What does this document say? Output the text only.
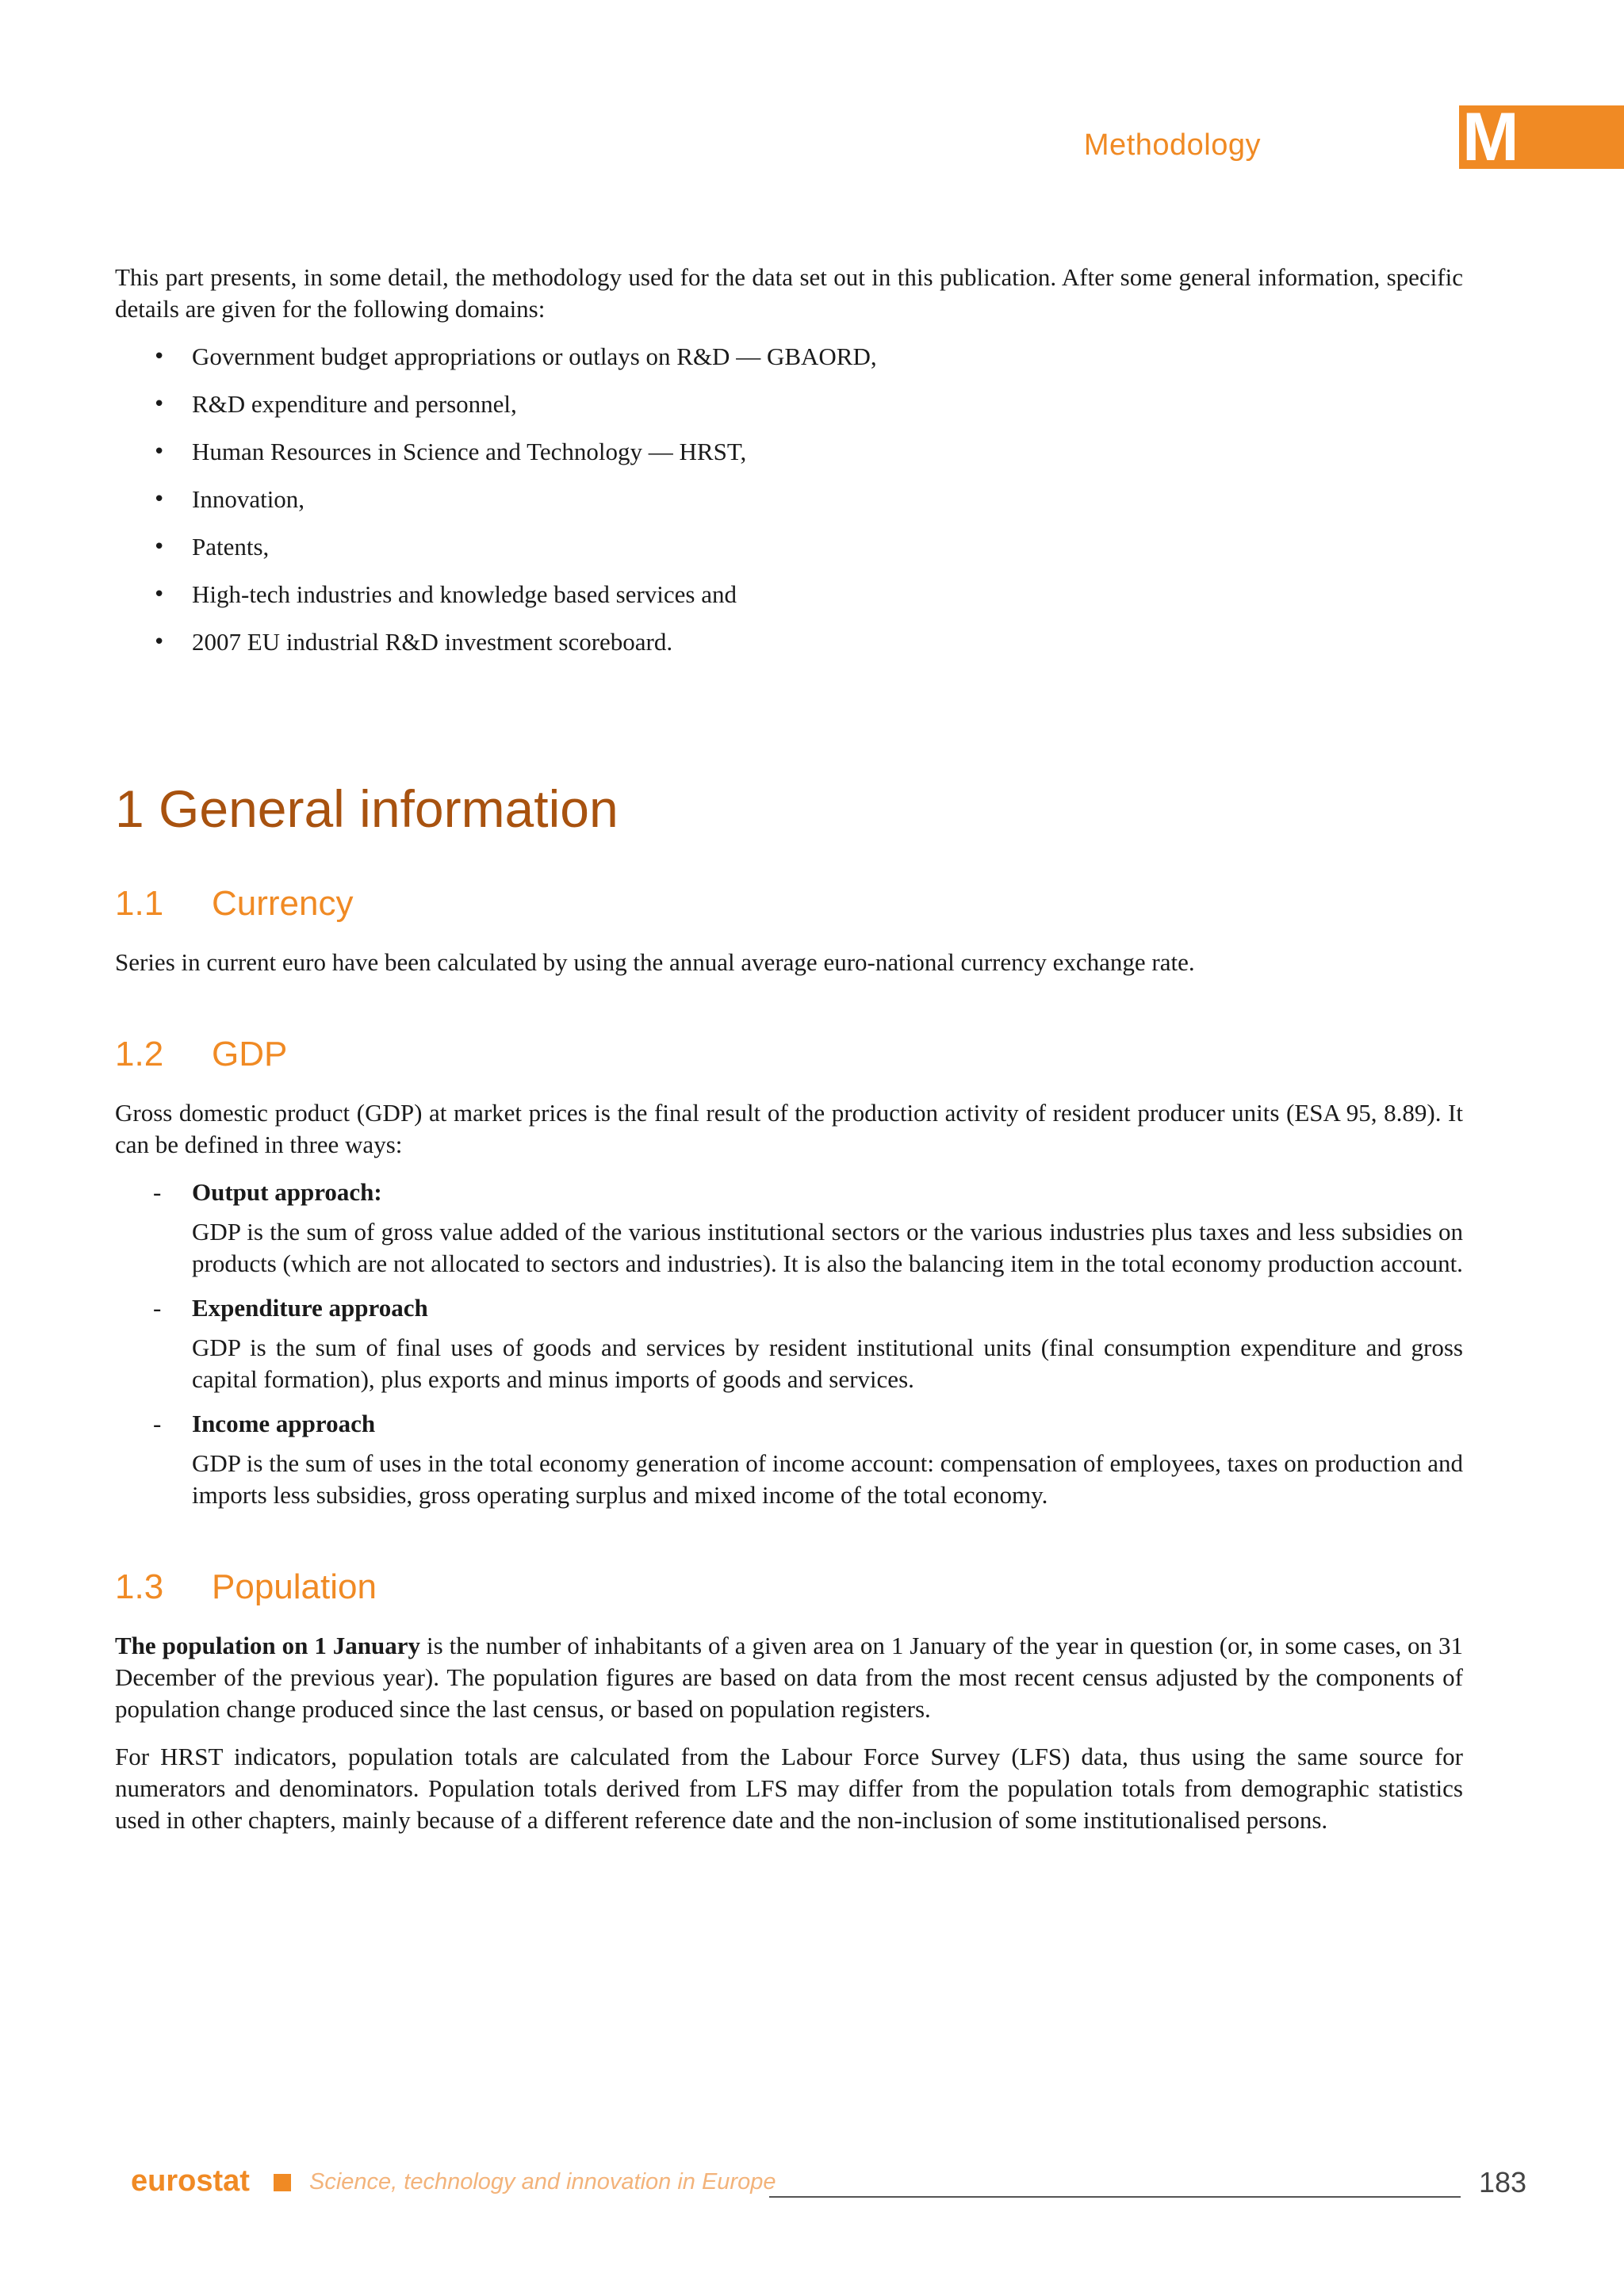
Methodology	M

This part presents, in some detail, the methodology used for the data set out in this publication. After some general information, specific details are given for the following domains:

• Government budget appropriations or outlays on R&D — GBAORD,
• R&D expenditure and personnel,
• Human Resources in Science and Technology — HRST,
• Innovation,
• Patents,
• High-tech industries and knowledge based services and
• 2007 EU industrial R&D investment scoreboard.
1 General information
1.1 Currency

Series in current euro have been calculated by using the annual average euro-national currency exchange rate.

1.2 GDP

Gross domestic product (GDP) at market prices is the final result of the production activity of resident producer units (ESA 95, 8.89). It can be defined in three ways:

- Output approach:
GDP is the sum of gross value added of the various institutional sectors or the various industries plus taxes and less subsidies on products (which are not allocated to sectors and industries). It is also the balancing item in the total economy production account.
- Expenditure approach
GDP is the sum of final uses of goods and services by resident institutional units (final consumption expenditure and gross capital formation), plus exports and minus imports of goods and services.
- Income approach
GDP is the sum of uses in the total economy generation of income account: compensation of employees, taxes on production and imports less subsidies, gross operating surplus and mixed income of the total economy.
1.3 Population

The population on 1 January is the number of inhabitants of a given area on 1 January of the year in question (or, in some cases, on 31 December of the previous year). The population figures are based on data from the most recent census adjusted by the components of population change produced since the last census, or based on population registers.

For HRST indicators, population totals are calculated from the Labour Force Survey (LFS) data, thus using the same source for numerators and denominators. Population totals derived from LFS may differ from the population totals from demographic statistics used in other chapters, mainly because of a different reference date and the non-inclusion of some institutionalised persons.

eurostat	Science, technology and innovation in Europe	183
